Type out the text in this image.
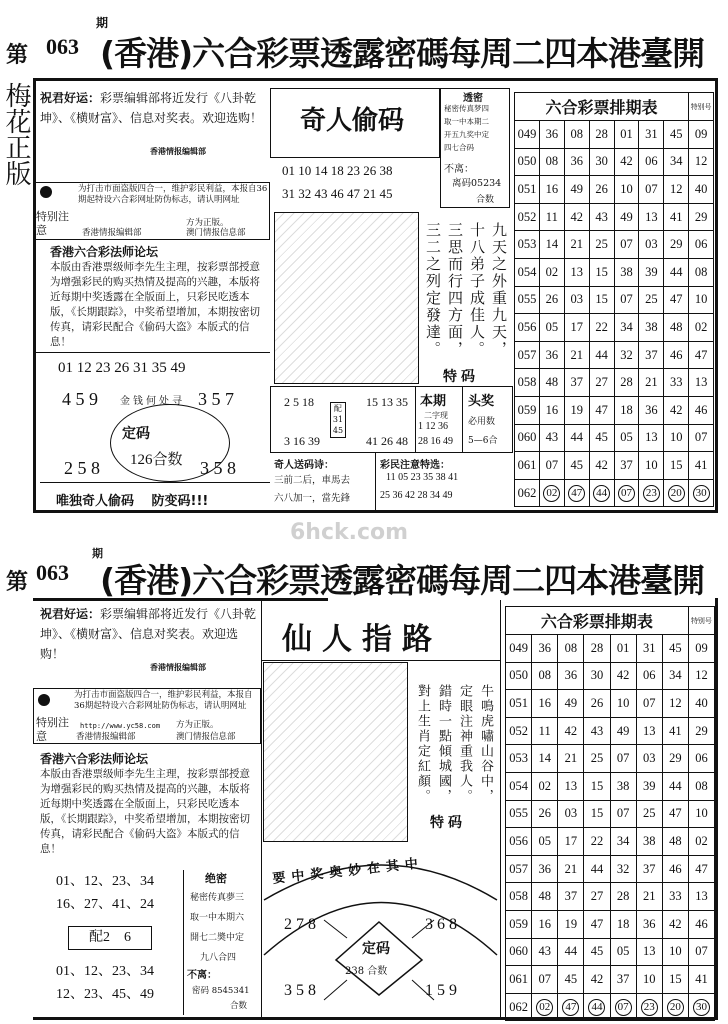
第 063
期
(香港)六合彩票透露密碼每周二四本港臺開
梅花正版 祝君好运：彩票编辑部将近发行《八卦乾坤》、《横财富》、信息对奖表。欢迎选购！
香港情报编辑部
特别注意
为打击市面盗版四合一，维护彩民利益，本报自36期起特设六合彩网址防伪标志，请认明网址
方为正版。
香港情报编辑部	澳门情报信息部
香港六合彩法师论坛
本版由香港票级师李先生主理，按彩票部授意为增强彩民的购买热情及提高的兴趣，本版将近每期中奖透露在全版面上，只彩民吃透本版，《长期跟踪》，中奖希望增加，本期按密切传真，请彩民配合《偷码大盗》本版式的信息！
01 12 23 26 31 35 49
金钱何处寻
定码
126合数
4 5 9	3 5 7
2 5 8	3 5 8
唯独奇人偷码　 防变码!!!
奇人偷码
透密
秘密传真梦四
取一中本期二
开五九奖中定
四七合码
不离：
离码05234
合数
01 10 14 18 23 26 38
31 32 43 46 47 21 45
九天之外重九天，十八弟子成佳人。三思而行四方面，三二之列定發達。
特码
2 5 18
3 16 39
配
31
45
15 13 35
41 26 48
本期
二字现
1 12 36
28 16 49
头奖
必用数
5—6合
奇人送码诗：
三前二后，車馬去
六八加一，當先鋒
彩民注意特选：
11 05 23 35 38 41
25 36 42 28 34 49
六合彩票排期表							特别号
049	36	08	28	01	31	45	09
050	08	36	30	42	06	34	12
051	16	49	26	10	07	12	40
052	11	42	43	49	13	41	29
053	14	21	25	07	03	29	06
054	02	13	15	38	39	44	08
055	26	03	15	07	25	47	10
056	05	17	22	34	38	48	02
057	36	21	44	32	37	46	47
058	48	37	27	28	21	33	13
059	16	19	47	18	36	42	46
060	43	44	45	05	13	10	07
061	07	45	42	37	10	15	41
062	02	47	44	07	23	20	30
6hck.com
第 063
期
(香港)六合彩票透露密碼每周二四本港臺開
祝君好运：彩票编辑部将近发行《八卦乾坤》、《横财富》、信息对奖表。欢迎选购！
香港情报编辑部
特别注意
为打击市面盗版四合一，维护彩民利益，本报自36期起特设六合彩网址防伪标志，请认明网址
http://www.yc58.com 方为正版。
香港情报编辑部	澳门情报信息部
香港六合彩法师论坛
本版由香港票级师李先生主理，按彩票部授意为增强彩民的购买热情及提高的兴趣，本版将近每期中奖透露在全版面上，只彩民吃透本版，《长期跟踪》，中奖希望增加，本期按密切传真，请彩民配合《偷码大盗》本版式的信息！
01、12、23、34
16、27、41、24
配2　6
01、12、23、34
12、23、45、49
绝密
秘密传真夢三
取一中本期六
開七二奬中定
九八合四
不离：
密码 8545341
合数
仙人指路
牛鳴虎嘯山谷中，定眼注神重我人。錯時一點傾城國，對上生肖定紅顏。
特码
要中奖奥妙在其中
2 7 8	3 6 8
3 5 8	1 5 9
定码
238 合数
六合彩票排期表							特别号
049	36	08	28	01	31	45	09
050	08	36	30	42	06	34	12
051	16	49	26	10	07	12	40
052	11	42	43	49	13	41	29
053	14	21	25	07	03	29	06
054	02	13	15	38	39	44	08
055	26	03	15	07	25	47	10
056	05	17	22	34	38	48	02
057	36	21	44	32	37	46	47
058	48	37	27	28	21	33	13
059	16	19	47	18	36	42	46
060	43	44	45	05	13	10	07
061	07	45	42	37	10	15	41
062	02	47	44	07	23	20	30
